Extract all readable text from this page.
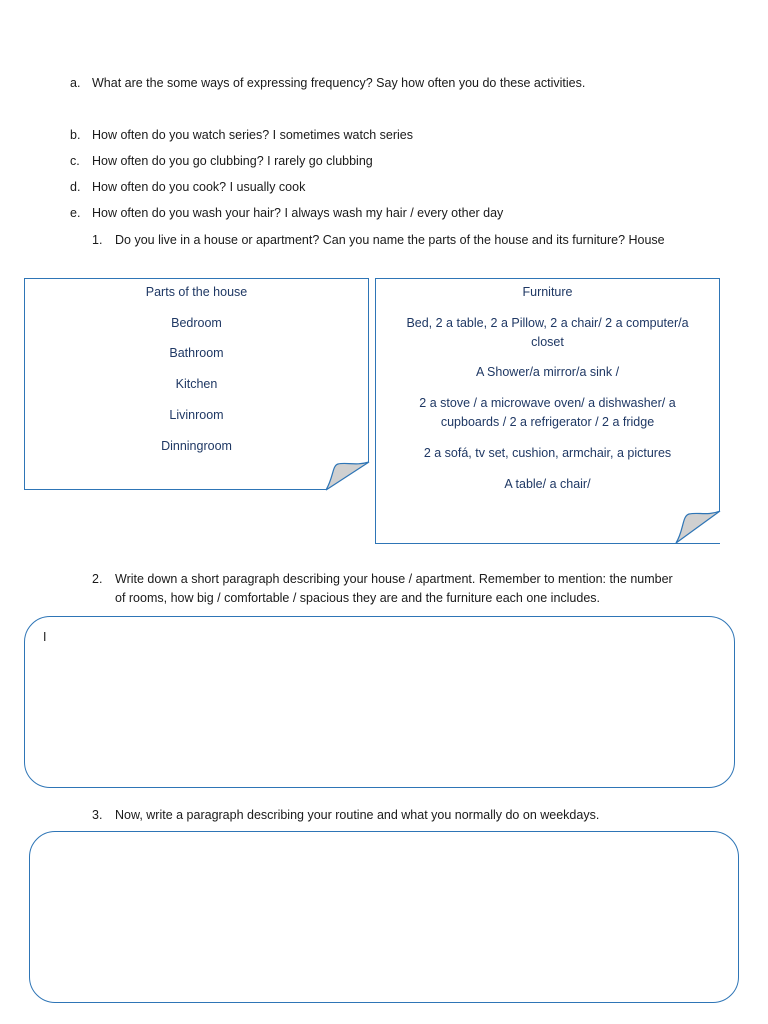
a. What are the some ways of expressing frequency? Say how often you do these activities.
b. How often do you watch series? I sometimes watch series
c. How often do you go clubbing? I rarely go clubbing
d. How often do you cook? I usually cook
e. How often do you wash your hair? I always wash my hair / every other day
1. Do you live in a house or apartment? Can you name the parts of the house and its furniture? House
Parts of the house
Bedroom
Bathroom
Kitchen
Livinroom
Dinningroom
Furniture
Bed, 2 a table, 2 a Pillow, 2 a chair/ 2 a computer/a
closet
A Shower/a mirror/a sink /
2 a stove / a microwave oven/ a dishwasher/ a
cupboards / 2 a refrigerator / 2 a fridge
2 a sofá, tv set, cushion, armchair, a pictures
A table/ a chair/
2. Write down a short paragraph describing your house / apartment. Remember to mention: the number
of rooms, how big / comfortable / spacious they are and the furniture each one includes.
I
3. Now, write a paragraph describing your routine and what you normally do on weekdays.
